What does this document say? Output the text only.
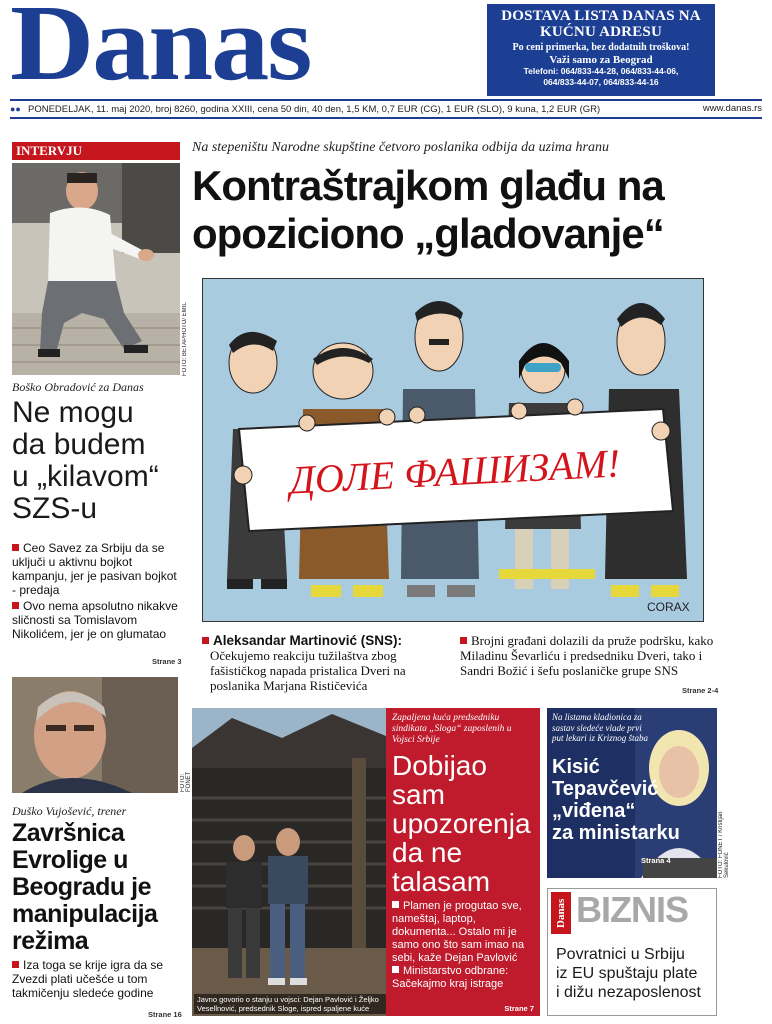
Danas	DOSTAVA LISTA DANAS NA KUĆNU ADRESU
Po ceni primerka, bez dodatnih troškova!
Važi samo za Beograd
Telefoni: 064/833-44-28, 064/833-44-06,
064/833-44-07, 064/833-44-16
●● PONEDELJAK, 11. maj 2020, broj 8260, godina XXIII, cena 50 din, 40 den, 1,5 KM, 0,7 EUR (CG), 1 EUR (SLO), 9 kuna, 1,2 EUR (GR)	www.danas.rs
INTERVJU
FOTO: BETAPHOTO/ EMIL
Boško Obradović za Danas
Ne mogu
da budem
u „kilavom“
SZS-u
Ceo Savez za Srbiju da se uključi u aktivnu bojkot kampanju, jer je pasivan bojkot - predaja
Ovo nema apsolutno nikakve sličnosti sa Tomislavom Nikolićem, jer je on glumatao
Strane 3
Na stepeništu Narodne skupštine četvoro poslanika odbija da uzima hranu
Kontraštrajkom glađu na
opoziciono „gladovanje“
ДОЛЕ ФАШИЗАМ!
CORAX
Aleksandar Martinović (SNS):
Očekujemo reakciju tužilaštva zbog fašističkog napada pristalica Dveri na poslanika Marjana Rističevića
Brojni građani dolazili da pruže podršku, kako Miladinu Ševarliću i predsedniku Dveri, tako i Sandri Božić i šefu poslaničke grupe SNS
Strane 2-4
FOTO: FONET
Duško Vujošević, trener
Završnica
Evrolige u
Beogradu je
manipulacija
režima
Iza toga se krije igra da se Zvezdi plati učešće u tom takmičenju sledeće godine
Strane 16
Javno govorio o stanju u vojsci: Dejan Pavlović i Željko Vesellnović, predsednik Sloge, ispred spaljene kuće
Zapaljena kuća predsedniku sindikata „Sloga“ zaposlenih u Vojsci Srbije
Dobijao
sam
upozorenja
da ne
talasam
Plamen je progutao sve, nameštaj, laptop, dokumenta... Ostalo mi je samo ono što sam imao na sebi, kaže Dejan Pavlović
Ministarstvo odbrane: Sačekajmo kraj istrage
Strane 7
Na listama kladionica za sastav sledeće vlade prvi put lekari iz Kriznog štaba
Kisić
Tepavčević
„viđena“
za ministarku
Strana 4	FOTO: FONET / Kristijan Sekulović
Danas BIZNIS
Povratnici u Srbiju
iz EU spuštaju plate
i dižu nezaposlenost
